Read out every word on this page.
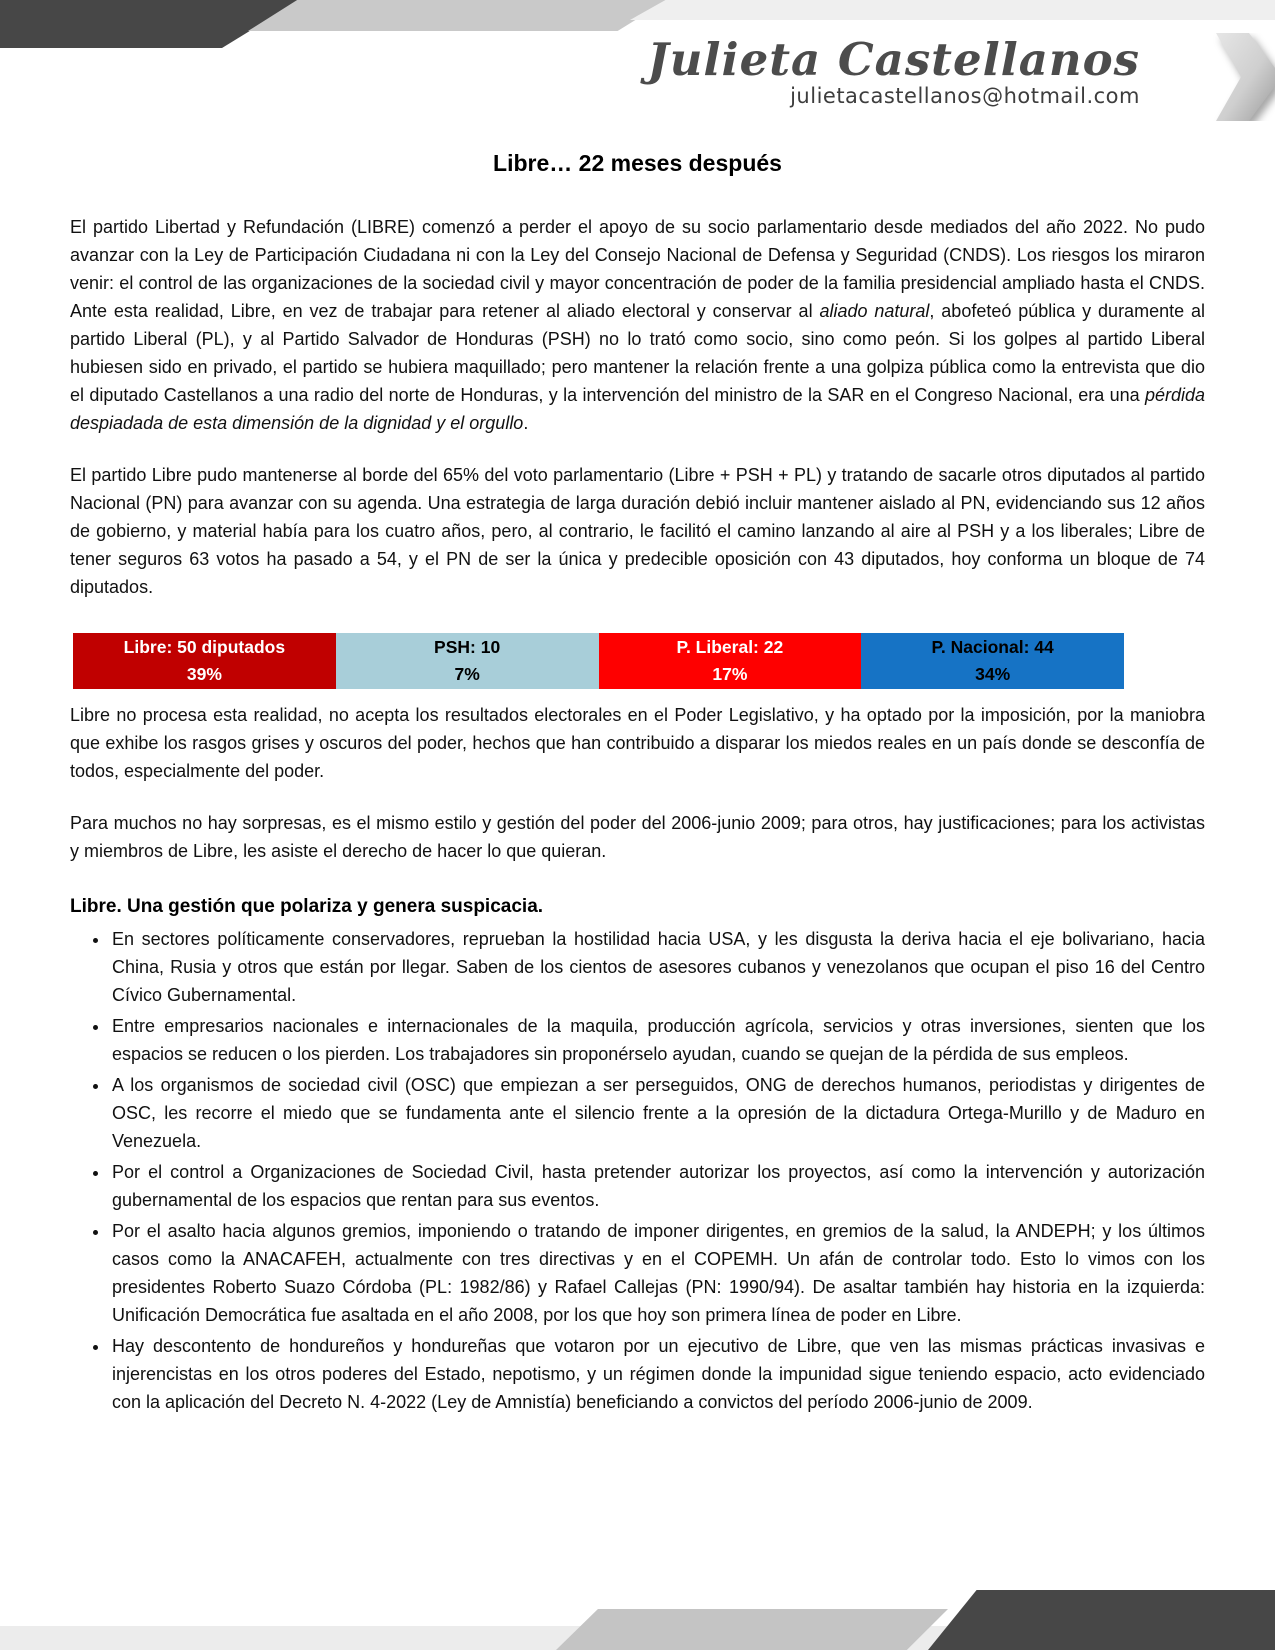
Julieta Castellanos
julietacastellanos@hotmail.com
Libre… 22 meses después

El partido Libertad y Refundación (LIBRE) comenzó a perder el apoyo de su socio parlamentario desde mediados del año 2022. No pudo avanzar con la Ley de Participación Ciudadana ni con la Ley del Consejo Nacional de Defensa y Seguridad (CNDS). Los riesgos los miraron venir: el control de las organizaciones de la sociedad civil y mayor concentración de poder de la familia presidencial ampliado hasta el CNDS. Ante esta realidad, Libre, en vez de trabajar para retener al aliado electoral y conservar al aliado natural, abofeteó pública y duramente al partido Liberal (PL), y al Partido Salvador de Honduras (PSH) no lo trató como socio, sino como peón. Si los golpes al partido Liberal hubiesen sido en privado, el partido se hubiera maquillado; pero mantener la relación frente a una golpiza pública como la entrevista que dio el diputado Castellanos a una radio del norte de Honduras, y la intervención del ministro de la SAR en el Congreso Nacional, era una pérdida despiadada de esta dimensión de la dignidad y el orgullo.

El partido Libre pudo mantenerse al borde del 65% del voto parlamentario (Libre + PSH + PL) y tratando de sacarle otros diputados al partido Nacional (PN) para avanzar con su agenda. Una estrategia de larga duración debió incluir mantener aislado al PN, evidenciando sus 12 años de gobierno, y material había para los cuatro años, pero, al contrario, le facilitó el camino lanzando al aire al PSH y a los liberales; Libre de tener seguros 63 votos ha pasado a 54, y el PN de ser la única y predecible oposición con 43 diputados, hoy conforma un bloque de 74 diputados.

Libre: 50 diputados
39%
PSH: 10
7%
P. Liberal: 22
17%
P. Nacional: 44
34%

Libre no procesa esta realidad, no acepta los resultados electorales en el Poder Legislativo, y ha optado por la imposición, por la maniobra que exhibe los rasgos grises y oscuros del poder, hechos que han contribuido a disparar los miedos reales en un país donde se desconfía de todos, especialmente del poder.

Para muchos no hay sorpresas, es el mismo estilo y gestión del poder del 2006-junio 2009; para otros, hay justificaciones; para los activistas y miembros de Libre, les asiste el derecho de hacer lo que quieran.

Libre. Una gestión que polariza y genera suspicacia.
• En sectores políticamente conservadores, reprueban la hostilidad hacia USA, y les disgusta la deriva hacia el eje bolivariano, hacia China, Rusia y otros que están por llegar. Saben de los cientos de asesores cubanos y venezolanos que ocupan el piso 16 del Centro Cívico Gubernamental.
• Entre empresarios nacionales e internacionales de la maquila, producción agrícola, servicios y otras inversiones, sienten que los espacios se reducen o los pierden. Los trabajadores sin proponérselo ayudan, cuando se quejan de la pérdida de sus empleos.
• A los organismos de sociedad civil (OSC) que empiezan a ser perseguidos, ONG de derechos humanos, periodistas y dirigentes de OSC, les recorre el miedo que se fundamenta ante el silencio frente a la opresión de la dictadura Ortega-Murillo y de Maduro en Venezuela.
• Por el control a Organizaciones de Sociedad Civil, hasta pretender autorizar los proyectos, así como la intervención y autorización gubernamental de los espacios que rentan para sus eventos.
• Por el asalto hacia algunos gremios, imponiendo o tratando de imponer dirigentes, en gremios de la salud, la ANDEPH; y los últimos casos como la ANACAFEH, actualmente con tres directivas y en el COPEMH. Un afán de controlar todo. Esto lo vimos con los presidentes Roberto Suazo Córdoba (PL: 1982/86) y Rafael Callejas (PN: 1990/94). De asaltar también hay historia en la izquierda: Unificación Democrática fue asaltada en el año 2008, por los que hoy son primera línea de poder en Libre.
• Hay descontento de hondureños y hondureñas que votaron por un ejecutivo de Libre, que ven las mismas prácticas invasivas e injerencistas en los otros poderes del Estado, nepotismo, y un régimen donde la impunidad sigue teniendo espacio, acto evidenciado con la aplicación del Decreto N. 4-2022 (Ley de Amnistía) beneficiando a convictos del período 2006-junio de 2009.
